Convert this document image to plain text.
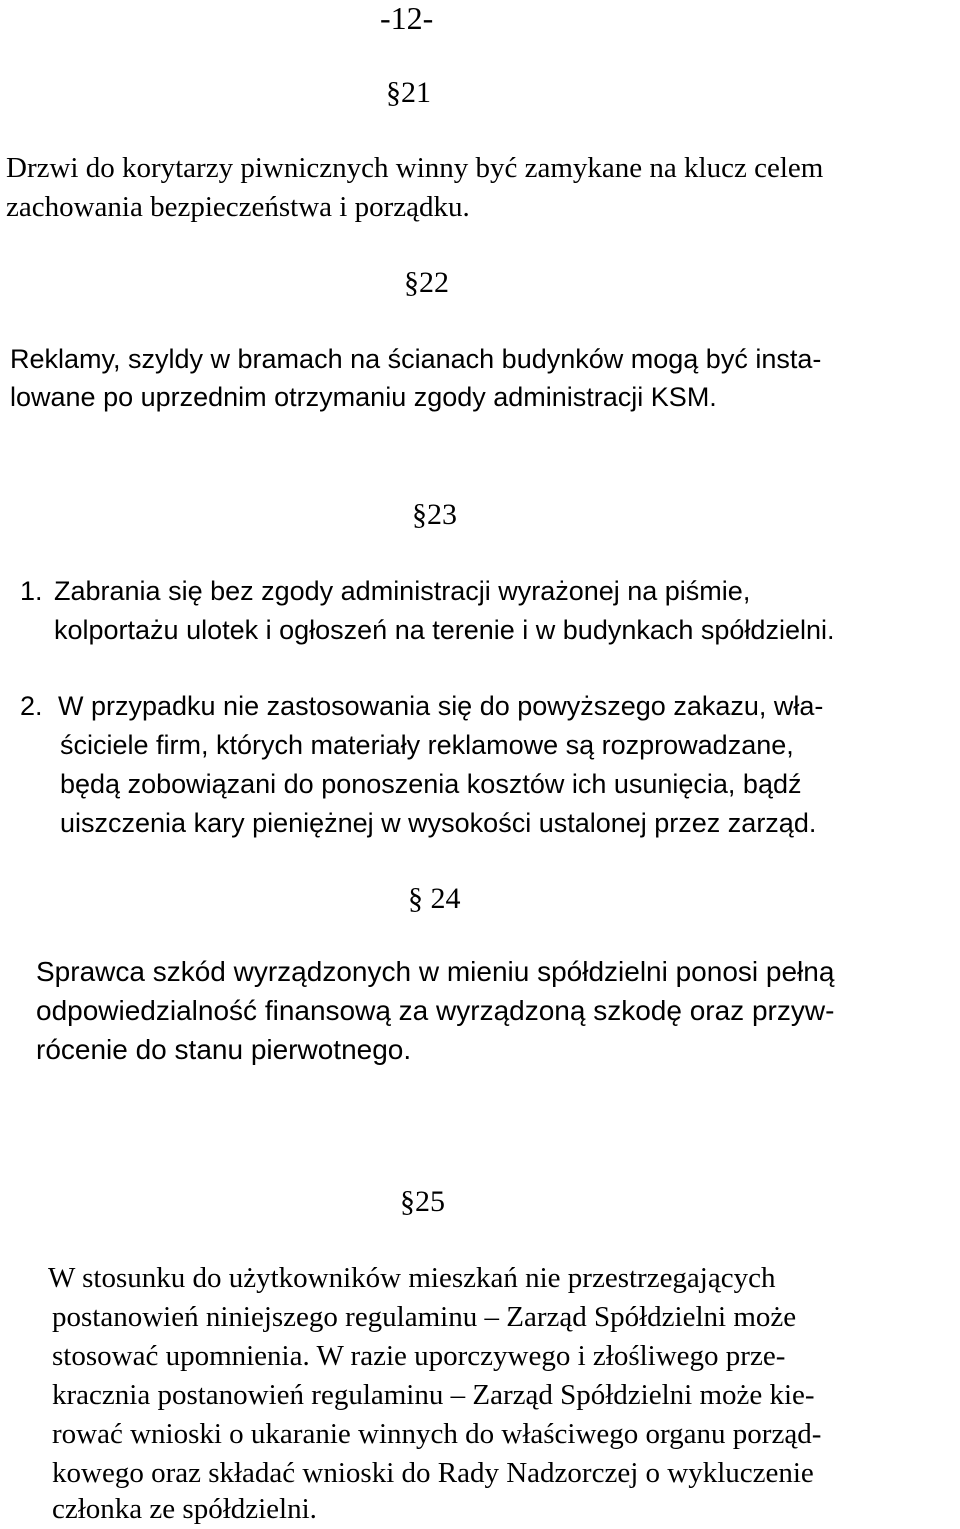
-12-
§21
Drzwi do korytarzy piwnicznych winny być zamykane na klucz celem
zachowania bezpieczeństwa i porządku.
§22
Reklamy, szyldy w bramach na ścianach budynków mogą być insta-
lowane po uprzednim otrzymaniu zgody administracji KSM.
§23
1. Zabrania się bez zgody administracji wyrażonej na piśmie,
kolportażu ulotek i ogłoszeń na terenie i w budynkach spółdzielni.
2. W przypadku nie zastosowania się do powyższego zakazu, wła-
ściciele firm, których materiały reklamowe są rozprowadzane,
będą zobowiązani do ponoszenia kosztów ich usunięcia, bądź
uiszczenia kary pieniężnej w wysokości ustalonej przez zarząd.
§ 24
Sprawca szkód wyrządzonych w mieniu spółdzielni ponosi pełną
odpowiedzialność finansową za wyrządzoną szkodę oraz przyw-
rócenie do stanu pierwotnego.
§25
W stosunku do użytkowników mieszkań nie przestrzegających
postanowień niniejszego regulaminu – Zarząd Spółdzielni może
stosować upomnienia. W razie uporczywego i złośliwego prze-
kracznia postanowień regulaminu – Zarząd Spółdzielni może kie-
rować wnioski o ukaranie winnych do właściwego organu porząd-
kowego oraz składać wnioski do Rady Nadzorczej o wykluczenie
członka ze spółdzielni.
